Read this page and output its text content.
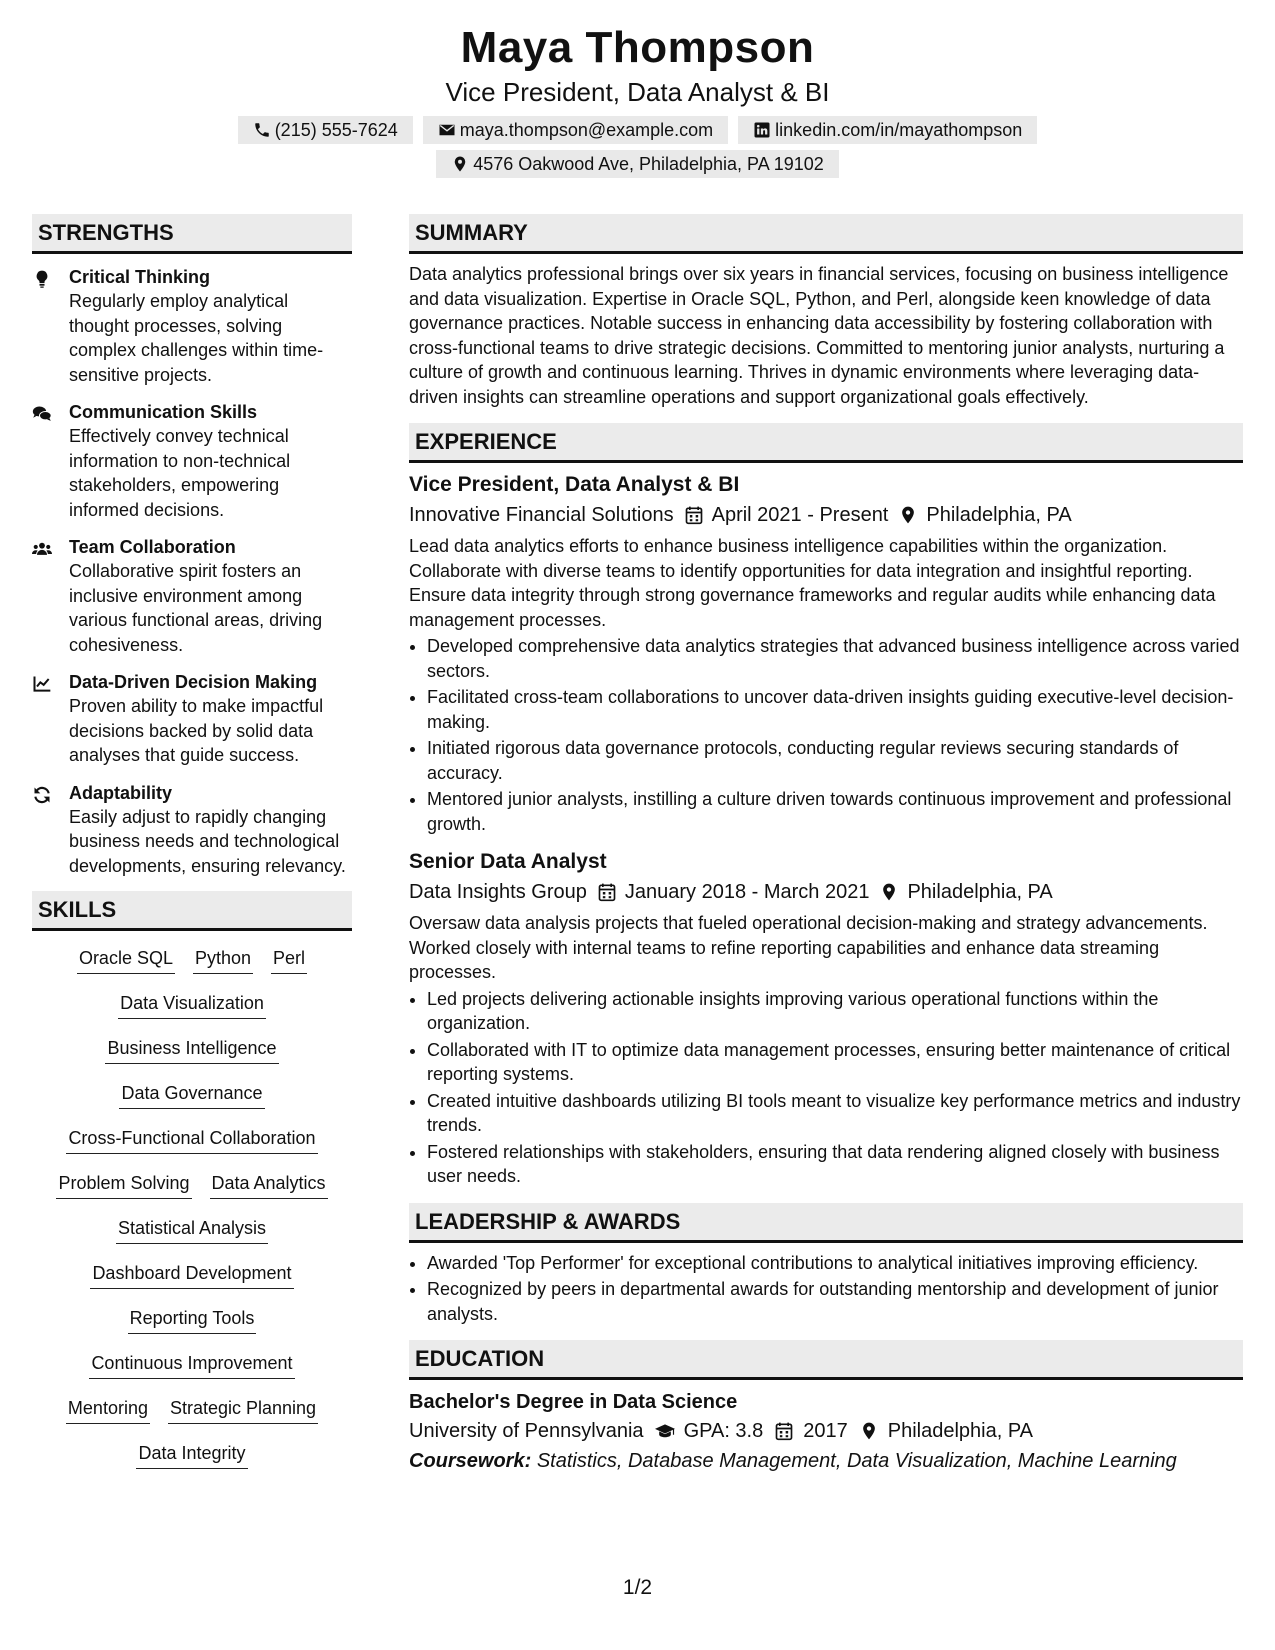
Maya Thompson
Vice President, Data Analyst & BI
(215) 555-7624	maya.thompson@example.com	linkedin.com/in/mayathompson
4576 Oakwood Ave, Philadelphia, PA 19102
STRENGTHS
Critical Thinking
Regularly employ analytical thought processes, solving complex challenges within time-sensitive projects.
Communication Skills
Effectively convey technical information to non-technical stakeholders, empowering informed decisions.
Team Collaboration
Collaborative spirit fosters an inclusive environment among various functional areas, driving cohesiveness.
Data-Driven Decision Making
Proven ability to make impactful decisions backed by solid data analyses that guide success.
Adaptability
Easily adjust to rapidly changing business needs and technological developments, ensuring relevancy.
SKILLS
Oracle SQL Python Perl
Data Visualization
Business Intelligence
Data Governance
Cross-Functional Collaboration
Problem Solving Data Analytics
Statistical Analysis
Dashboard Development
Reporting Tools
Continuous Improvement
Mentoring Strategic Planning
Data Integrity
SUMMARY
Data analytics professional brings over six years in financial services, focusing on business intelligence and data visualization. Expertise in Oracle SQL, Python, and Perl, alongside keen knowledge of data governance practices. Notable success in enhancing data accessibility by fostering collaboration with cross-functional teams to drive strategic decisions. Committed to mentoring junior analysts, nurturing a culture of growth and continuous learning. Thrives in dynamic environments where leveraging data-driven insights can streamline operations and support organizational goals effectively.
EXPERIENCE
Vice President, Data Analyst & BI
Innovative Financial Solutions April 2021 - Present Philadelphia, PA
Lead data analytics efforts to enhance business intelligence capabilities within the organization. Collaborate with diverse teams to identify opportunities for data integration and insightful reporting. Ensure data integrity through strong governance frameworks and regular audits while enhancing data management processes.
• Developed comprehensive data analytics strategies that advanced business intelligence across varied sectors.
• Facilitated cross-team collaborations to uncover data-driven insights guiding executive-level decision-making.
• Initiated rigorous data governance protocols, conducting regular reviews securing standards of accuracy.
• Mentored junior analysts, instilling a culture driven towards continuous improvement and professional growth.
Senior Data Analyst
Data Insights Group January 2018 - March 2021 Philadelphia, PA
Oversaw data analysis projects that fueled operational decision-making and strategy advancements. Worked closely with internal teams to refine reporting capabilities and enhance data streaming processes.
• Led projects delivering actionable insights improving various operational functions within the organization.
• Collaborated with IT to optimize data management processes, ensuring better maintenance of critical reporting systems.
• Created intuitive dashboards utilizing BI tools meant to visualize key performance metrics and industry trends.
• Fostered relationships with stakeholders, ensuring that data rendering aligned closely with business user needs.
LEADERSHIP & AWARDS
• Awarded 'Top Performer' for exceptional contributions to analytical initiatives improving efficiency.
• Recognized by peers in departmental awards for outstanding mentorship and development of junior analysts.
EDUCATION
Bachelor's Degree in Data Science
University of Pennsylvania GPA: 3.8 2017 Philadelphia, PA
Coursework: Statistics, Database Management, Data Visualization, Machine Learning
1/2
